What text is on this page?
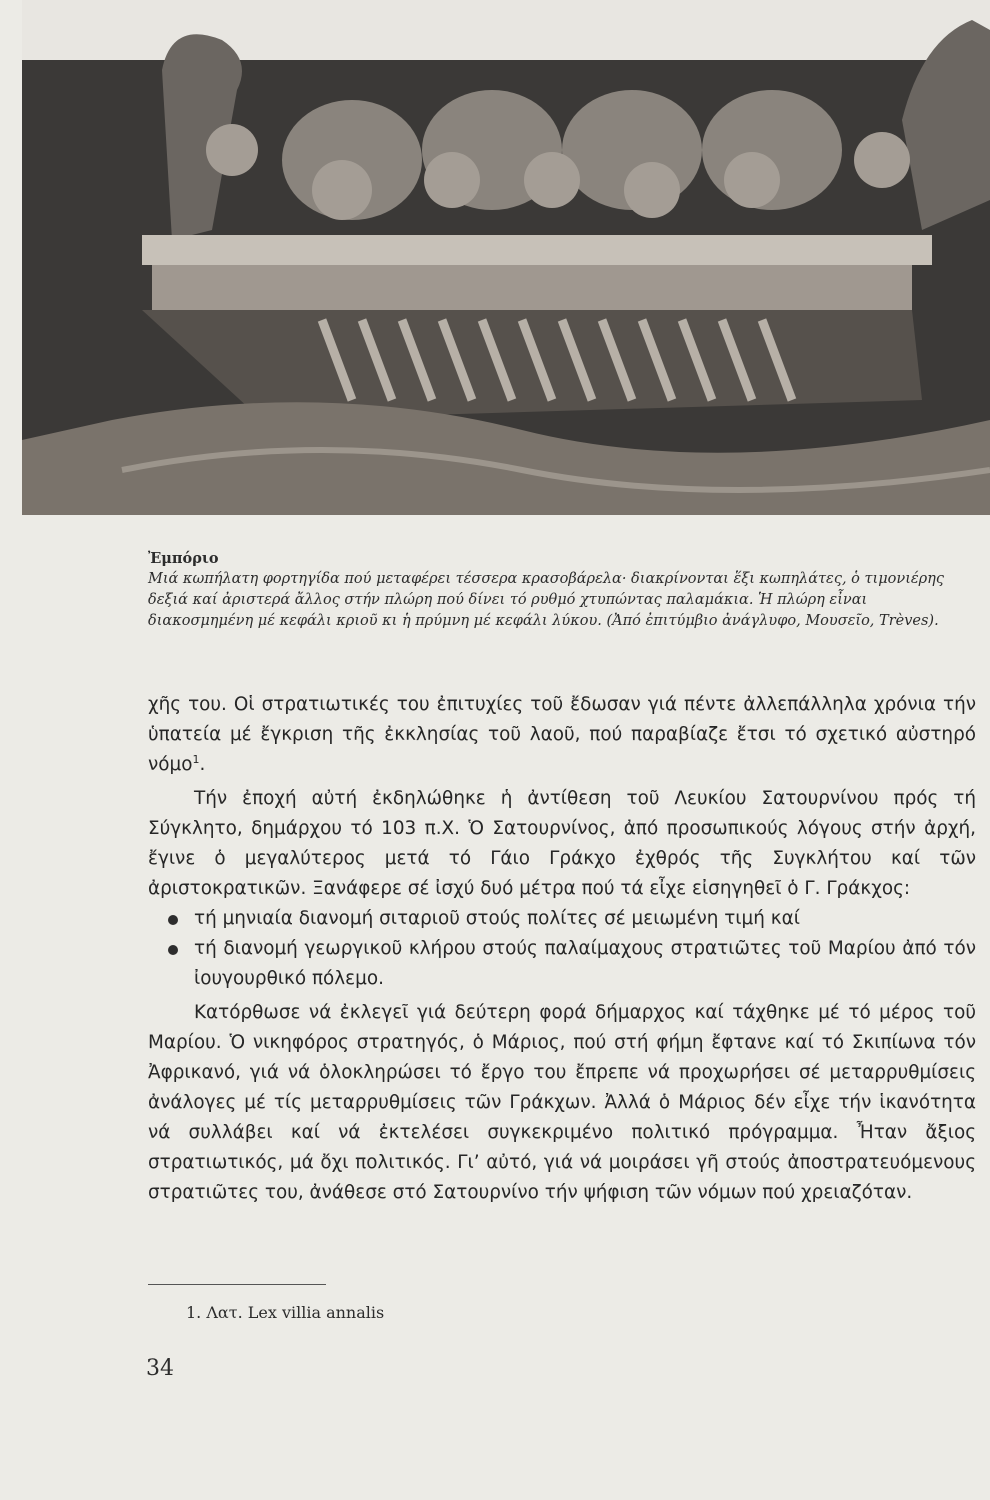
Ἐμπόριο
Μιά κωπήλατη φορτηγίδα πού μεταφέρει τέσσερα κρασοβάρελα· διακρίνονται ἕξι κωπηλάτες, ὁ τιμονιέρης δεξιά καί ἀριστερά ἄλλος στήν πλώρη πού δίνει τό ρυθμό χτυπώντας παλαμάκια. Ἡ πλώρη εἶναι διακοσμημένη μέ κεφάλι κριοῦ κι ἡ πρύμνη μέ κεφάλι λύκου. (Ἀπό ἐπιτύμβιο ἀνάγλυφο, Μουσεῖο, Trèves).

χῆς του. Οἱ στρατιωτικές του ἐπιτυχίες τοῦ ἔδωσαν γιά πέντε ἀλλεπάλληλα χρόνια τήν ὑπατεία μέ ἔγκριση τῆς ἐκκλησίας τοῦ λαοῦ, πού παραβίαζε ἔτσι τό σχετικό αὐστηρό νόμο$^1$.

Τήν ἐποχή αὐτή ἐκδηλώθηκε ἡ ἀντίθεση τοῦ Λευκίου Σατουρνίνου πρός τή Σύγκλητο, δημάρχου τό 103 π.Χ. Ὁ Σατουρνίνος, ἀπό προσωπικούς λόγους στήν ἀρχή, ἔγινε ὁ μεγαλύτερος μετά τό Γάιο Γράκχο ἐχθρός τῆς Συγκλήτου καί τῶν ἀριστοκρατικῶν. Ξανάφερε σέ ἰσχύ δυό μέτρα πού τά εἶχε εἰσηγηθεῖ ὁ Γ. Γράκχος:

τή μηνιαία διανομή σιταριοῦ στούς πολίτες σέ μειωμένη τιμή καί
τή διανομή γεωργικοῦ κλήρου στούς παλαίμαχους στρατιῶτες τοῦ Μαρίου ἀπό τόν ἰουγουρθικό πόλεμο.

Κατόρθωσε νά ἐκλεγεῖ γιά δεύτερη φορά δήμαρχος καί τάχθηκε μέ τό μέρος τοῦ Μαρίου. Ὁ νικηφόρος στρατηγός, ὁ Μάριος, πού στή φήμη ἔφτανε καί τό Σκιπίωνα τόν Ἀφρικανό, γιά νά ὁλοκληρώσει τό ἔργο του ἔπρεπε νά προχωρήσει σέ μεταρρυθμίσεις ἀνάλογες μέ τίς μεταρρυθμίσεις τῶν Γράκχων. Ἀλλά ὁ Μάριος δέν εἶχε τήν ἱκανότητα νά συλλάβει καί νά ἐκτελέσει συγκεκριμένο πολιτικό πρόγραμμα. Ἦταν ἄξιος στρατιωτικός, μά ὄχι πολιτικός. Γι’ αὐτό, γιά νά μοιράσει γῆ στούς ἀποστρατευόμενους στρατιῶτες του, ἀνάθεσε στό Σατουρνίνο τήν ψήφιση τῶν νόμων πού χρειαζόταν.

1. Λατ. Lex villia annalis
34
